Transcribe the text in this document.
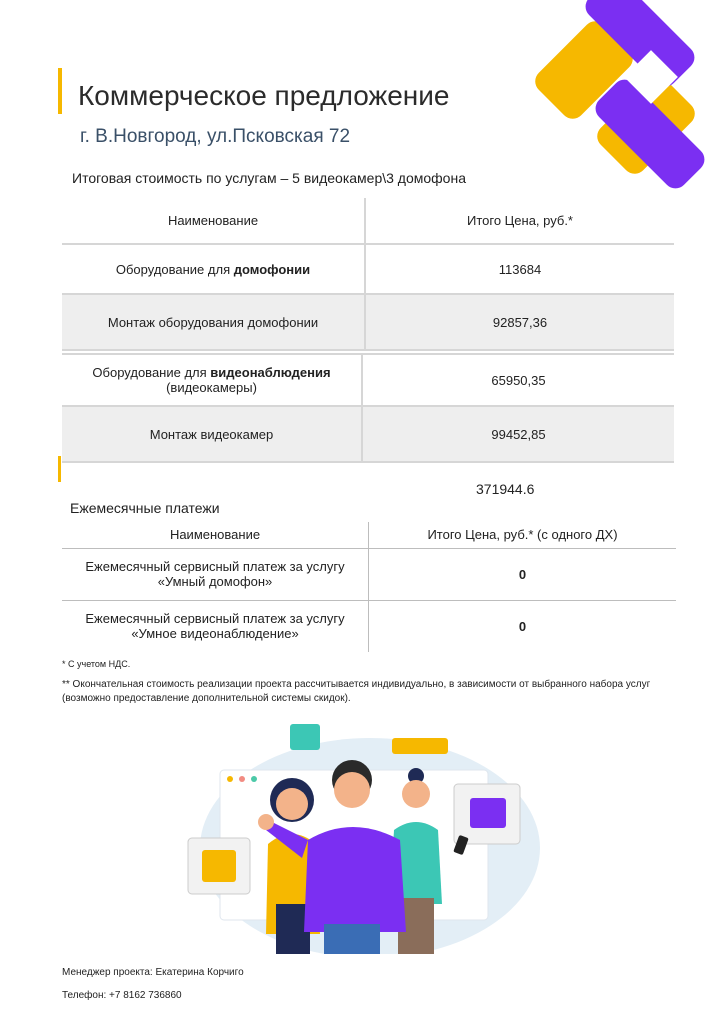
Коммерческое предложение
г. В.Новгород, ул.Псковская 72
Итоговая стоимость по услугам – 5 видеокамер\3 домофона
Наименование	Итого Цена, руб.*
Оборудование для домофонии	113684
Монтаж оборудования домофонии	92857,36
Оборудование для видеонаблюдения
(видеокамеры)	65950,35
Монтаж видеокамер	99452,85
371944.6
Ежемесячные платежи
Наименование	Итого Цена, руб.* (с одного ДХ)
Ежемесячный сервисный платеж за услугу
«Умный домофон»	0
Ежемесячный сервисный платеж за услугу
«Умное видеонаблюдение»	0
* С учетом НДС.
** Окончательная стоимость реализации проекта рассчитывается индивидуально, в зависимости от выбранного набора услуг (возможно предоставление дополнительной системы скидок).
Менеджер проекта: Екатерина Корчиго
Телефон: +7 8162 736860
